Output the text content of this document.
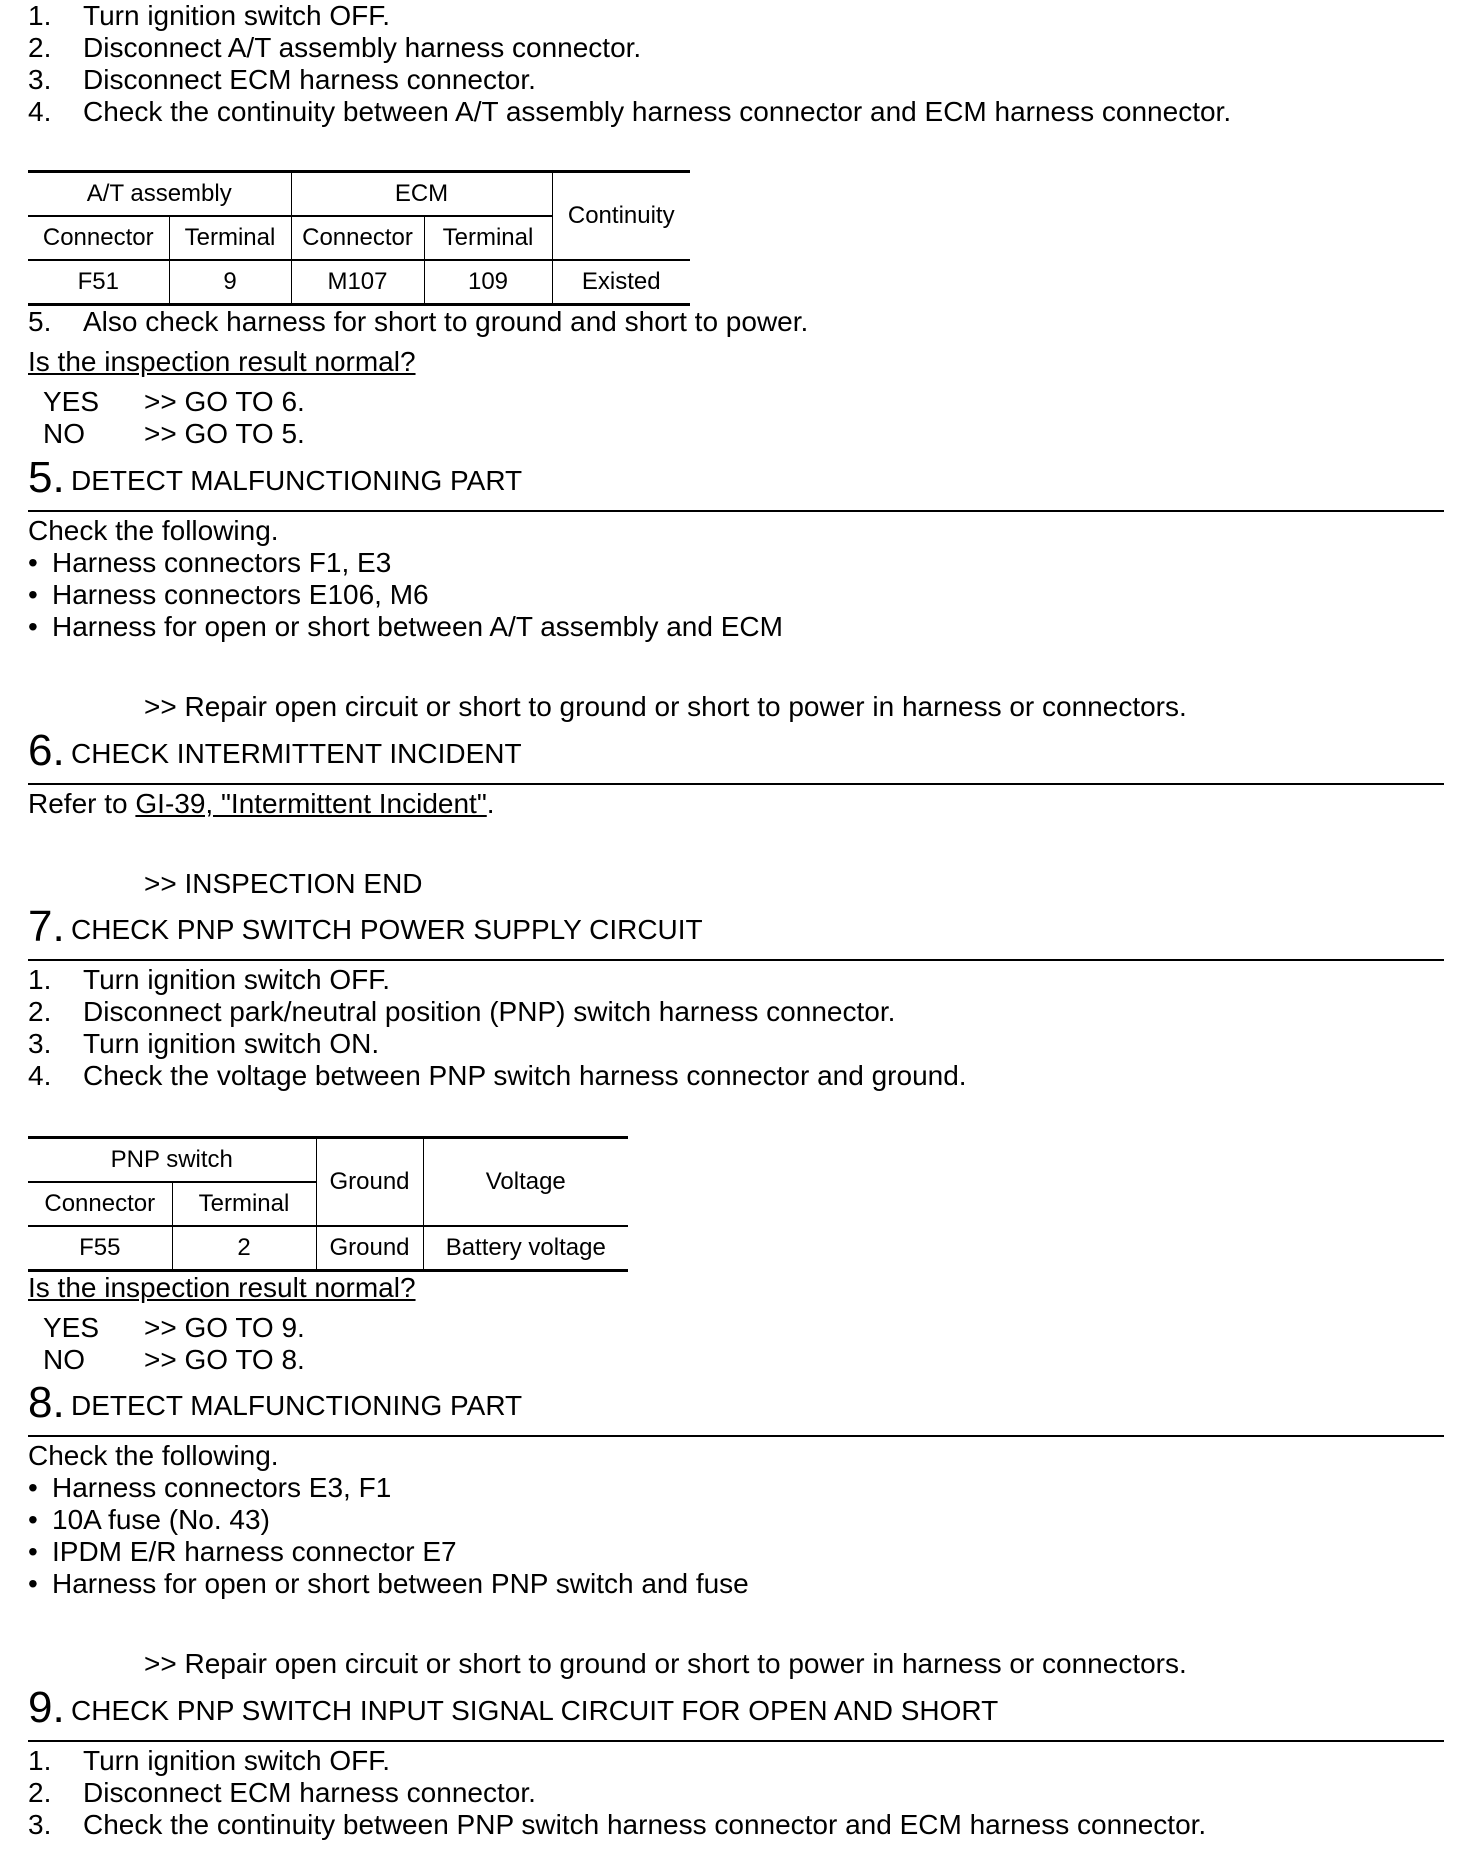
1. Turn ignition switch OFF.
2. Disconnect A/T assembly harness connector.
3. Disconnect ECM harness connector.
4. Check the continuity between A/T assembly harness connector and ECM harness connector.
A/T assembly		ECM		Continuity
Connector	Terminal	Connector	Terminal	
F51	9	M107	109	Existed
5. Also check harness for short to ground and short to power.
Is the inspection result normal?
YES >> GO TO 6.
NO >> GO TO 5.
5. DETECT MALFUNCTIONING PART
Check the following.
• Harness connectors F1, E3
• Harness connectors E106, M6
• Harness for open or short between A/T assembly and ECM
>> Repair open circuit or short to ground or short to power in harness or connectors.
6. CHECK INTERMITTENT INCIDENT
Refer to GI-39, "Intermittent Incident".
>> INSPECTION END
7. CHECK PNP SWITCH POWER SUPPLY CIRCUIT
1. Turn ignition switch OFF.
2. Disconnect park/neutral position (PNP) switch harness connector.
3. Turn ignition switch ON.
4. Check the voltage between PNP switch harness connector and ground.
PNP switch		Ground	Voltage
Connector	Terminal		
F55	2	Ground	Battery voltage
Is the inspection result normal?
YES >> GO TO 9.
NO >> GO TO 8.
8. DETECT MALFUNCTIONING PART
Check the following.
• Harness connectors E3, F1
• 10A fuse (No. 43)
• IPDM E/R harness connector E7
• Harness for open or short between PNP switch and fuse
>> Repair open circuit or short to ground or short to power in harness or connectors.
9. CHECK PNP SWITCH INPUT SIGNAL CIRCUIT FOR OPEN AND SHORT
1. Turn ignition switch OFF.
2. Disconnect ECM harness connector.
3. Check the continuity between PNP switch harness connector and ECM harness connector.
